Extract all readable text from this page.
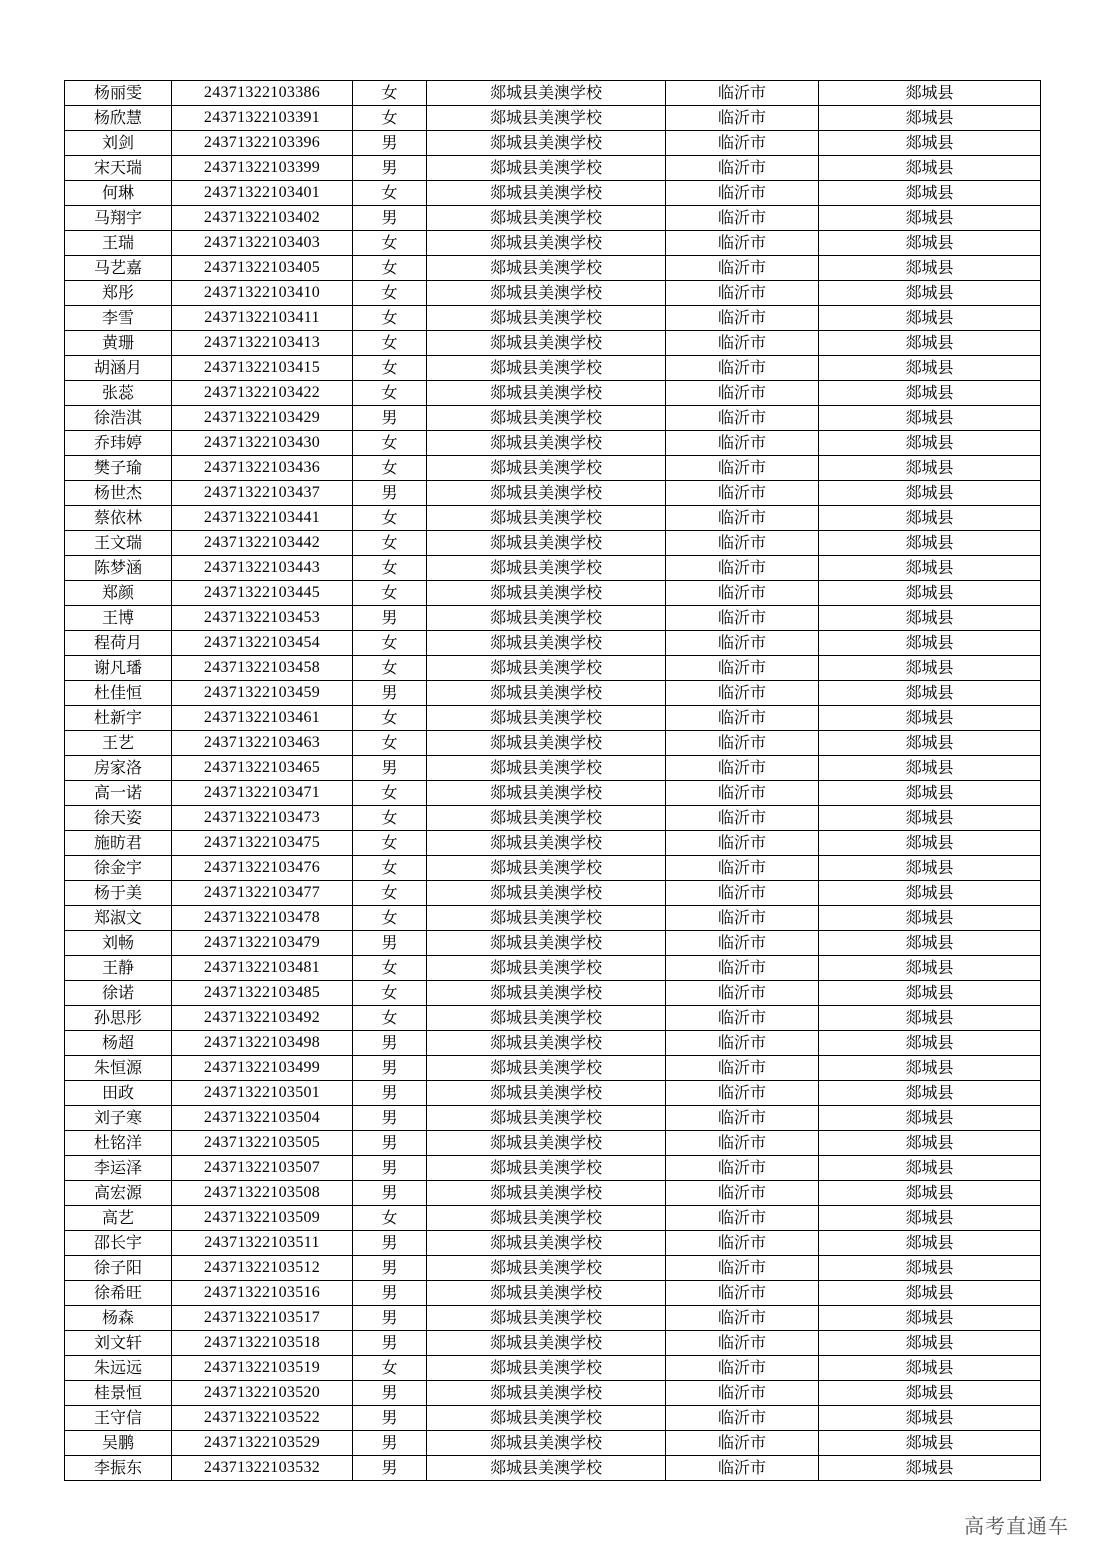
杨丽雯	24371322103386	女	郯城县美澳学校	临沂市	郯城县
杨欣慧	24371322103391	女	郯城县美澳学校	临沂市	郯城县
刘剑	24371322103396	男	郯城县美澳学校	临沂市	郯城县
宋天瑞	24371322103399	男	郯城县美澳学校	临沂市	郯城县
何琳	24371322103401	女	郯城县美澳学校	临沂市	郯城县
马翔宇	24371322103402	男	郯城县美澳学校	临沂市	郯城县
王瑞	24371322103403	女	郯城县美澳学校	临沂市	郯城县
马艺嘉	24371322103405	女	郯城县美澳学校	临沂市	郯城县
郑彤	24371322103410	女	郯城县美澳学校	临沂市	郯城县
李雪	24371322103411	女	郯城县美澳学校	临沂市	郯城县
黄珊	24371322103413	女	郯城县美澳学校	临沂市	郯城县
胡涵月	24371322103415	女	郯城县美澳学校	临沂市	郯城县
张蕊	24371322103422	女	郯城县美澳学校	临沂市	郯城县
徐浩淇	24371322103429	男	郯城县美澳学校	临沂市	郯城县
乔玮婷	24371322103430	女	郯城县美澳学校	临沂市	郯城县
樊子瑜	24371322103436	女	郯城县美澳学校	临沂市	郯城县
杨世杰	24371322103437	男	郯城县美澳学校	临沂市	郯城县
蔡依林	24371322103441	女	郯城县美澳学校	临沂市	郯城县
王文瑞	24371322103442	女	郯城县美澳学校	临沂市	郯城县
陈梦涵	24371322103443	女	郯城县美澳学校	临沂市	郯城县
郑颜	24371322103445	女	郯城县美澳学校	临沂市	郯城县
王博	24371322103453	男	郯城县美澳学校	临沂市	郯城县
程荷月	24371322103454	女	郯城县美澳学校	临沂市	郯城县
谢凡璠	24371322103458	女	郯城县美澳学校	临沂市	郯城县
杜佳恒	24371322103459	男	郯城县美澳学校	临沂市	郯城县
杜新宇	24371322103461	女	郯城县美澳学校	临沂市	郯城县
王艺	24371322103463	女	郯城县美澳学校	临沂市	郯城县
房家洛	24371322103465	男	郯城县美澳学校	临沂市	郯城县
高一诺	24371322103471	女	郯城县美澳学校	临沂市	郯城县
徐天姿	24371322103473	女	郯城县美澳学校	临沂市	郯城县
施昉君	24371322103475	女	郯城县美澳学校	临沂市	郯城县
徐金宇	24371322103476	女	郯城县美澳学校	临沂市	郯城县
杨于美	24371322103477	女	郯城县美澳学校	临沂市	郯城县
郑淑文	24371322103478	女	郯城县美澳学校	临沂市	郯城县
刘畅	24371322103479	男	郯城县美澳学校	临沂市	郯城县
王静	24371322103481	女	郯城县美澳学校	临沂市	郯城县
徐诺	24371322103485	女	郯城县美澳学校	临沂市	郯城县
孙思彤	24371322103492	女	郯城县美澳学校	临沂市	郯城县
杨超	24371322103498	男	郯城县美澳学校	临沂市	郯城县
朱恒源	24371322103499	男	郯城县美澳学校	临沂市	郯城县
田政	24371322103501	男	郯城县美澳学校	临沂市	郯城县
刘子寒	24371322103504	男	郯城县美澳学校	临沂市	郯城县
杜铭洋	24371322103505	男	郯城县美澳学校	临沂市	郯城县
李运泽	24371322103507	男	郯城县美澳学校	临沂市	郯城县
高宏源	24371322103508	男	郯城县美澳学校	临沂市	郯城县
高艺	24371322103509	女	郯城县美澳学校	临沂市	郯城县
邵长宇	24371322103511	男	郯城县美澳学校	临沂市	郯城县
徐子阳	24371322103512	男	郯城县美澳学校	临沂市	郯城县
徐希旺	24371322103516	男	郯城县美澳学校	临沂市	郯城县
杨森	24371322103517	男	郯城县美澳学校	临沂市	郯城县
刘文轩	24371322103518	男	郯城县美澳学校	临沂市	郯城县
朱远远	24371322103519	女	郯城县美澳学校	临沂市	郯城县
桂景恒	24371322103520	男	郯城县美澳学校	临沂市	郯城县
王守信	24371322103522	男	郯城县美澳学校	临沂市	郯城县
吴鹏	24371322103529	男	郯城县美澳学校	临沂市	郯城县
李振东	24371322103532	男	郯城县美澳学校	临沂市	郯城县
高考直通车
